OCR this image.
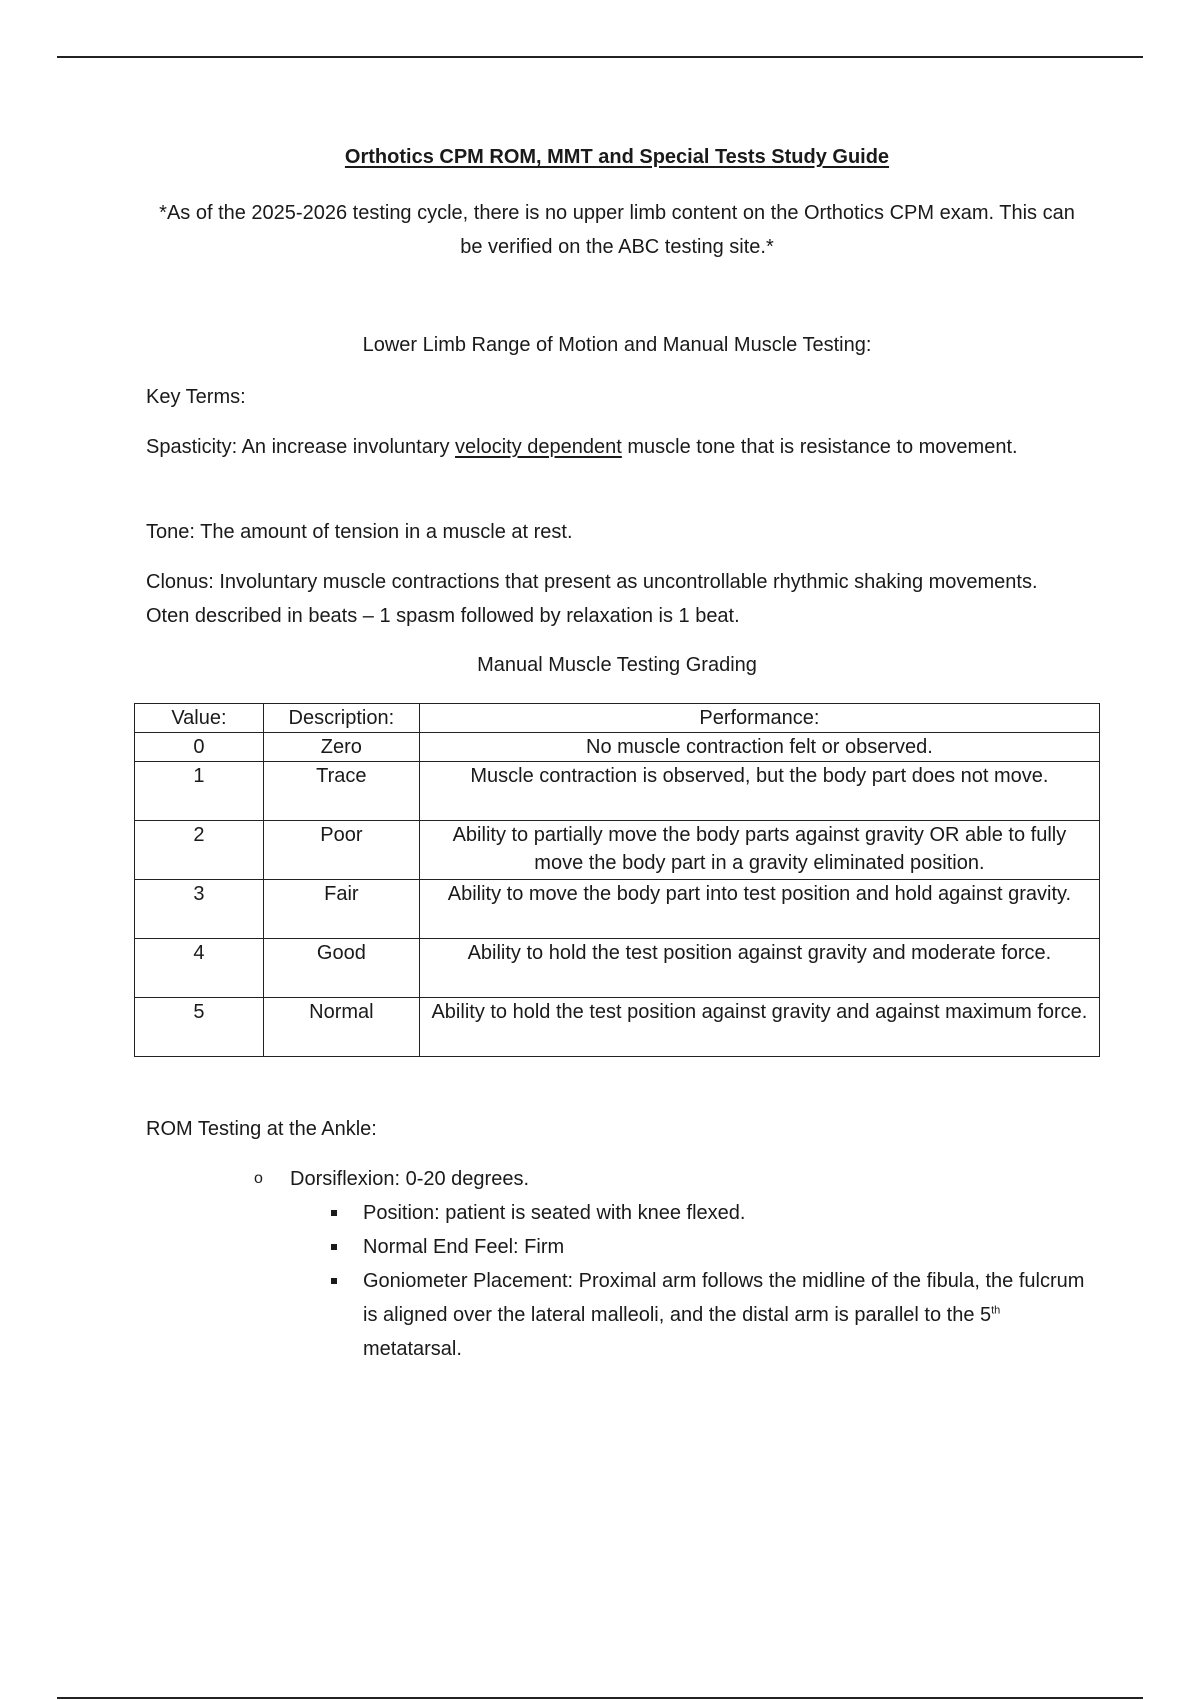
Orthotics CPM ROM, MMT and Special Tests Study Guide
*As of the 2025-2026 testing cycle, there is no upper limb content on the Orthotics CPM exam. This can be verified on the ABC testing site.*
Lower Limb Range of Motion and Manual Muscle Testing:
Key Terms:
Spasticity: An increase involuntary velocity dependent muscle tone that is resistance to movement.
Tone: The amount of tension in a muscle at rest.
Clonus: Involuntary muscle contractions that present as uncontrollable rhythmic shaking movements. Oten described in beats – 1 spasm followed by relaxation is 1 beat.
Manual Muscle Testing Grading
Value:	Description:	Performance:
0	Zero	No muscle contraction felt or observed.
1	Trace	Muscle contraction is observed, but the body part does not move.
2	Poor	Ability to partially move the body parts against gravity OR able to fully move the body part in a gravity eliminated position.
3	Fair	Ability to move the body part into test position and hold against gravity.
4	Good	Ability to hold the test position against gravity and moderate force.
5	Normal	Ability to hold the test position against gravity and against maximum force.
ROM Testing at the Ankle:
o Dorsiflexion: 0-20 degrees.
Position: patient is seated with knee flexed.
Normal End Feel: Firm
Goniometer Placement: Proximal arm follows the midline of the fibula, the fulcrum is aligned over the lateral malleoli, and the distal arm is parallel to the 5th metatarsal.
